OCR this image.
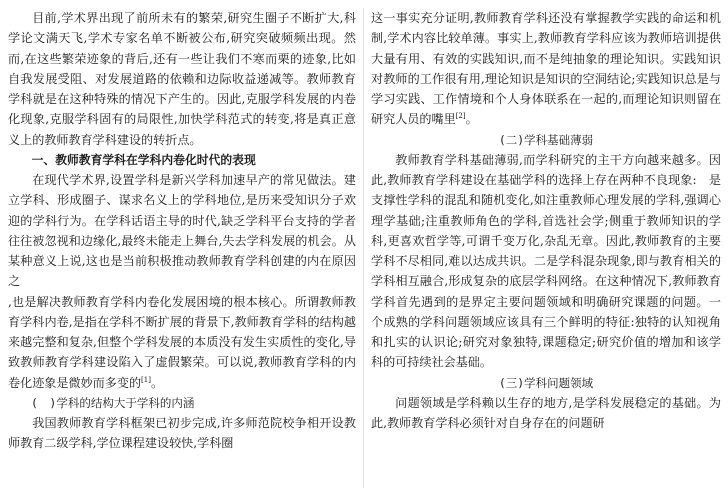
目前,学术界出现了前所未有的繁荣,研究生圈子不断扩大,科学论文满天飞,学术专家名单不断被公布,研究突破频频出现。然而,在这些繁荣迹象的背后,还有一些让我们不寒而栗的迹象,比如自我发展受阻、对发展道路的依赖和边际收益递减等。教师教育学科就是在这种特殊的情况下产生的。因此,克服学科发展的内卷化现象,克服学科固有的局限性,加快学科范式的转变,将是真正意义上的教师教育学科建设的转折点。

一、教师教育学科在学科内卷化时代的表现

在现代学术界,设置学科是新兴学科加速早产的常见做法。建立学科、形成圈子、谋求名义上的学科地位,是历来受知识分子欢迎的学科行为。在学科话语主导的时代,缺乏学科平台支持的学者往往被忽视和边缘化,最终未能走上舞台,失去学科发展的机会。从某种意义上说,这也是当前积极推动教师教育学科创建的内在原因之

,也是解决教师教育学科内卷化发展困境的根本核心。所谓教师教育学科内卷,是指在学科不断扩展的背景下,教师教育学科的结构越来越完整和复杂,但整个学科发展的本质没有发生实质性的变化,导致教师教育学科建设陷入了虚假繁荣。可以说,教师教育学科的内卷化迹象是微妙而多变的[1]。

(　)学科的结构大于学科的内涵

我国教师教育学科框架已初步完成,许多师范院校争相开设教师教育二级学科,学位课程建设较快,学科圈

这一事实充分证明,教师教育学科还没有掌握教学实践的命运和机制,学术内容比较单薄。事实上,教师教育学科应该为教师培训提供大量有用、有效的实践知识,而不是纯抽象的理论知识。实践知识对教师的工作很有用,理论知识是知识的空洞结论;实践知识总是与学习实践、工作情境和个人身体联系在一起的,而理论知识则留在研究人员的嘴里[2]。

(二)学科基础薄弱

教师教育学科基础薄弱,而学科研究的主干方向越来越多。因此,教师教育学科建设在基础学科的选择上存在两种不良现象:　是支撑性学科的混乱和随机变化,如注重教师心理发展的学科,强调心理学基础;注重教师角色的学科,首选社会学;侧重于教师知识的学科,更喜欢哲学等,可谓千变万化,杂乱无章。因此,教师教育的主要学科不尽相同,难以达成共识。二是学科混杂现象,即与教育相关的学科相互融合,形成复杂的底层学科网络。在这种情况下,教师教育学科首先遇到的是界定主要问题领域和明确研究课题的问题。一个成熟的学科问题领域应该具有三个鲜明的特征:独特的认知视角和扎实的认识论;研究对象独特,课题稳定;研究价值的增加和该学科的可持续社会基础。

(三)学科问题领域

问题领域是学科赖以生存的地方,是学科发展稳定的基础。为此,教师教育学科必须针对自身存在的问题研
